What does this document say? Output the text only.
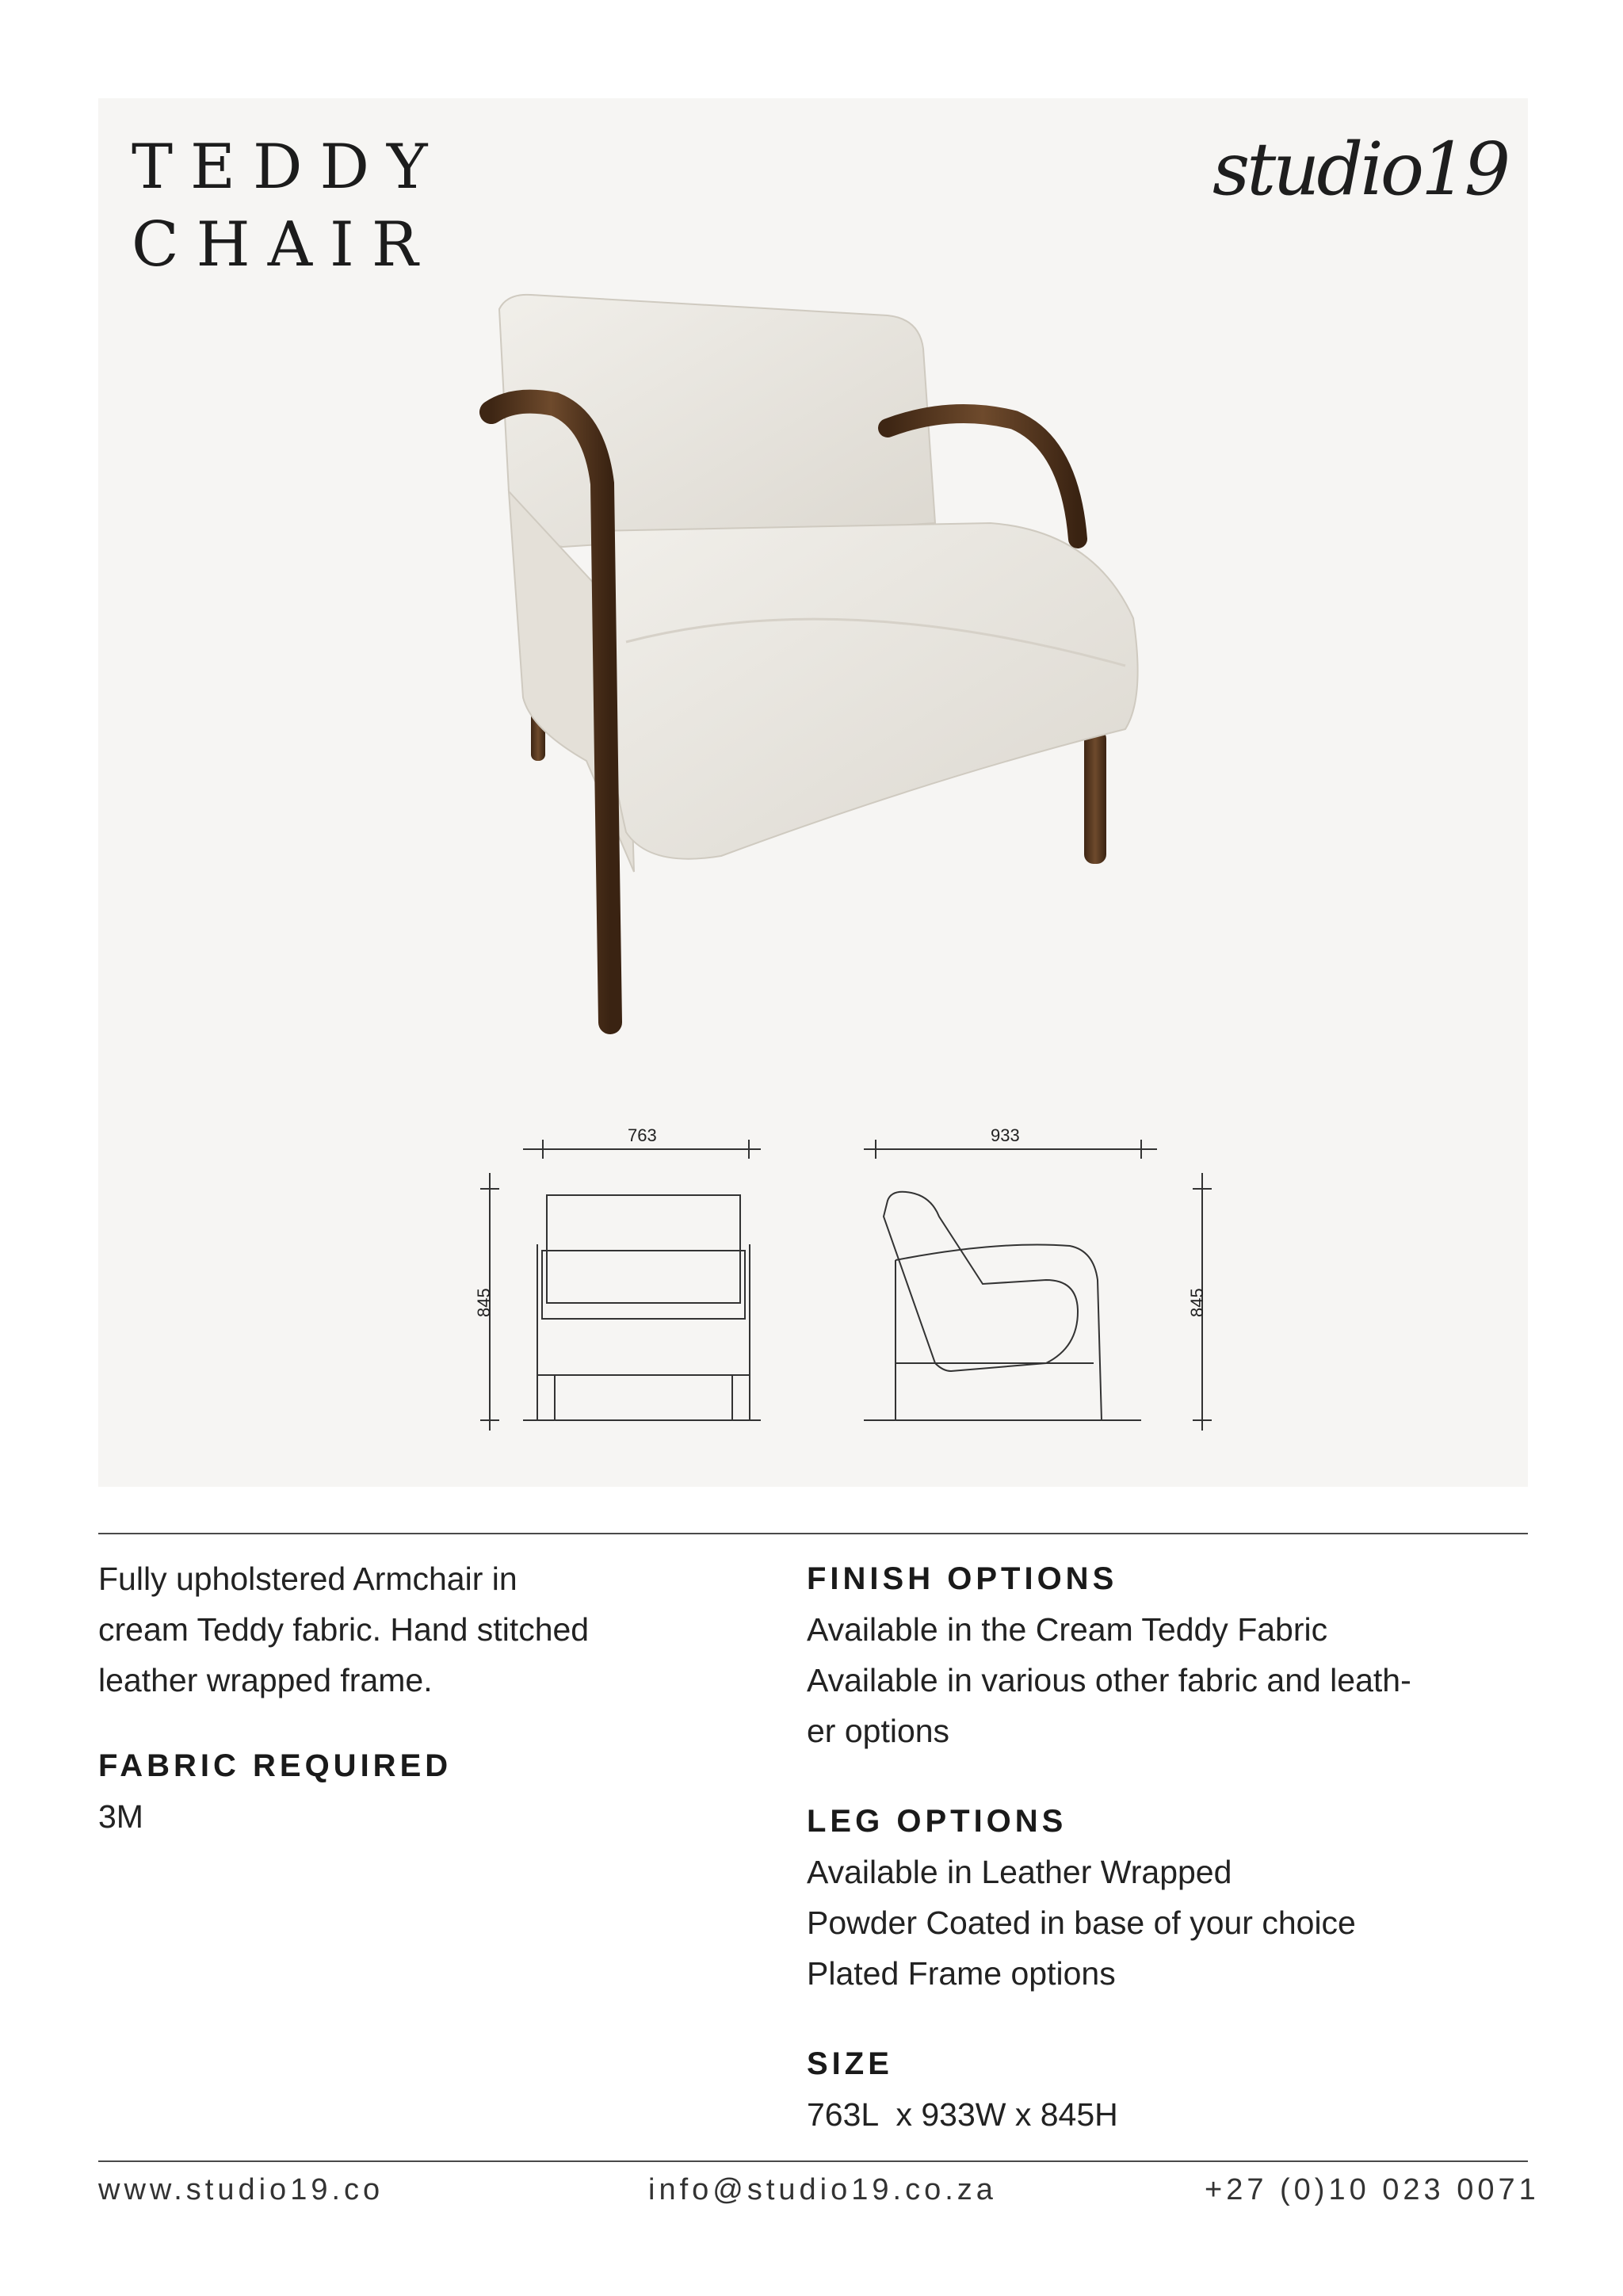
TEDDY
CHAIR
studio19
763
845
933
845
Fully upholstered Armchair in
cream Teddy fabric. Hand stitched
leather wrapped frame.
FABRIC REQUIRED
3M
FINISH OPTIONS
Available in the Cream Teddy Fabric
Available in various other fabric and leath-
er options
LEG OPTIONS
Available in Leather Wrapped
Powder Coated in base of your choice
Plated Frame options
SIZE
763L  x 933W x 845H
www.studio19.co	info@studio19.co.za	+27 (0)10 023 0071
